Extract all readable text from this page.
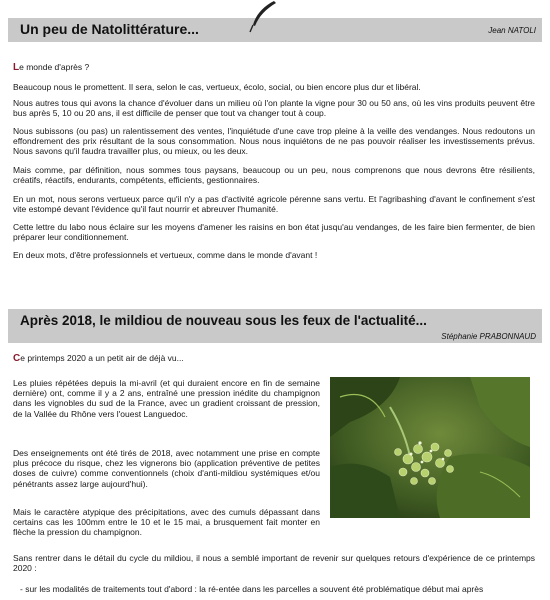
Un peu de Natolittérature...	Jean NATOLI

Le monde d'après ?

Beaucoup nous le promettent. Il sera, selon le cas, vertueux, écolo, social, ou bien encore plus dur et libéral.

Nous autres tous qui avons la chance d'évoluer dans un milieu où l'on plante la vigne pour 30 ou 50 ans, où les vins produits peuvent être bus après 5, 10 ou 20 ans, il est difficile de penser que tout va changer tout à coup.

Nous subissons (ou pas) un ralentissement des ventes, l'inquiétude d'une cave trop pleine à la veille des vendanges. Nous redoutons un effondrement des prix résultant de la sous consommation. Nous nous inquiétons de ne pas pouvoir réaliser les investissements prévus. Nous savons qu'il faudra travailler plus, ou mieux, ou les deux.

Mais comme, par définition, nous sommes tous paysans, beaucoup ou un peu, nous comprenons que nous devrons être résilients, créatifs, réactifs, endurants, compétents, efficients, gestionnaires.

En un mot, nous serons vertueux parce qu'il n'y a pas d'activité agricole pérenne sans vertu. Et l'agribashing d'avant le confinement s'est vite estompé devant l'évidence qu'il faut nourrir et abreuver l'humanité.

Cette lettre du labo nous éclaire sur les moyens d'amener les raisins en bon état jusqu'au vendanges, de les faire bien fermenter, de bien préparer leur conditionnement.

En deux mots, d'être professionnels et vertueux, comme dans le monde d'avant !

Après 2018, le mildiou de nouveau sous les feux de l'actualité...
Stéphanie PRABONNAUD

Ce printemps 2020 a un petit air de déjà vu...

Les pluies répétées depuis la mi-avril (et qui duraient encore en fin de semaine dernière) ont, comme il y a 2 ans, entraîné une pression inédite du champignon dans les vignobles du sud de la France, avec un gradient croissant de pression, de la Vallée du Rhône vers l'ouest Languedoc.

Des enseignements ont été tirés de 2018, avec notamment une prise en compte plus précoce du risque, chez les vignerons bio (application préventive de petites doses de cuivre) comme conventionnels (choix d'anti-mildiou systémiques et/ou pénétrants assez large aujourd'hui).

Mais le caractère atypique des précipitations, avec des cumuls dépassant dans certains cas les 100mm entre le 10 et le 15 mai, a brusquement fait monter en flèche la pression du champignon.

Sans rentrer dans le détail du cycle du mildiou, il nous a semblé important de revenir sur quelques retours d'expérience de ce printemps 2020 :

- sur les modalités de traitements tout d'abord : la ré-entée dans les parcelles a souvent été problématique début mai après
